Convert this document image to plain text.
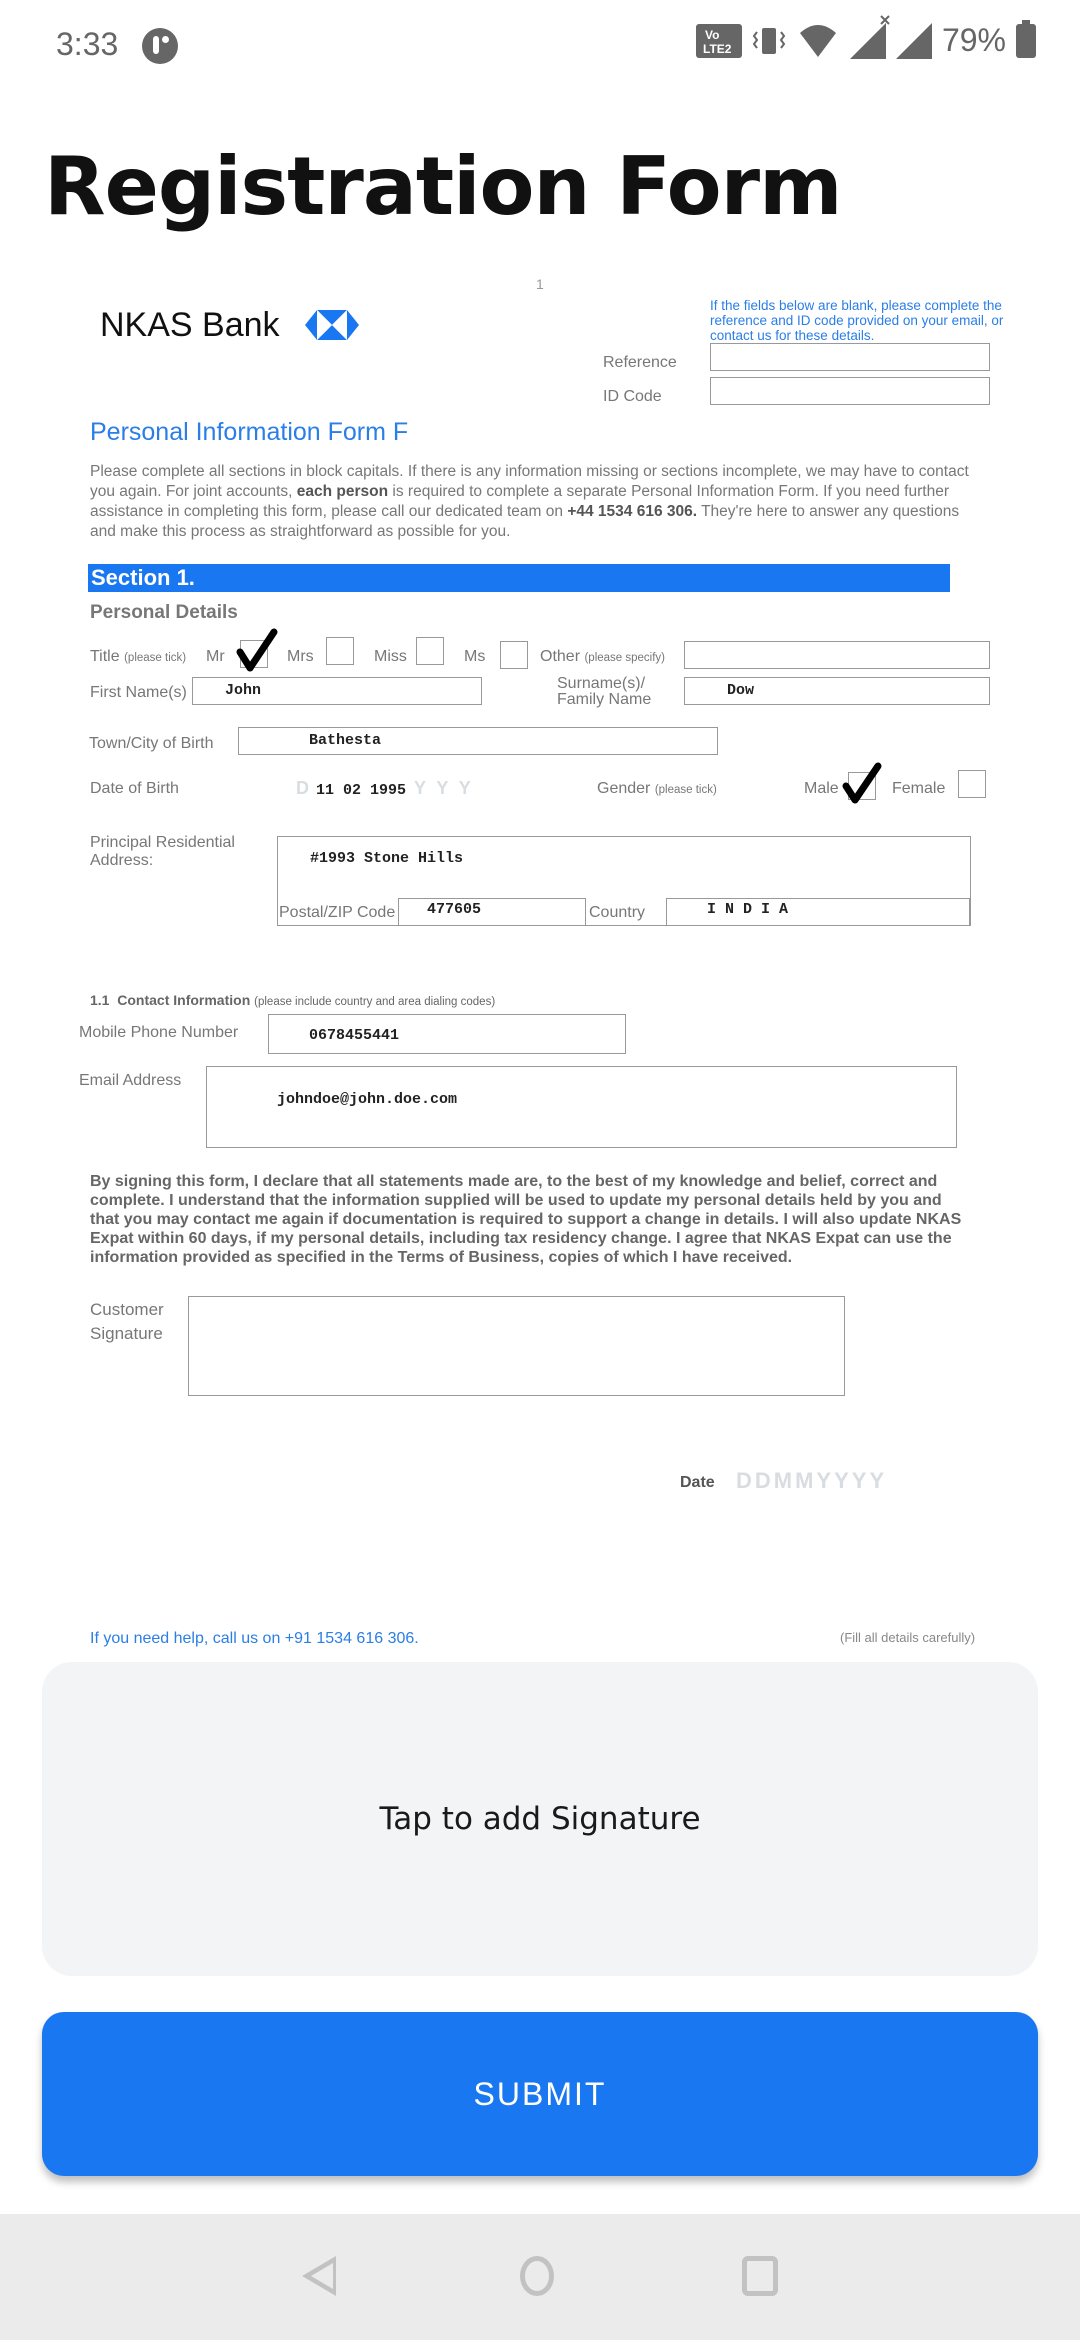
3:33	Vo
LTE2	79%
Registration Form
1
NKAS Bank
If the fields below are blank, please complete the reference and ID code provided on your email, or contact us for these details.
Reference
ID Code
Personal Information Form F
Please complete all sections in block capitals. If there is any information missing or sections incomplete, we may have to contact you again. For joint accounts, each person is required to complete a separate Personal Information Form. If you need further assistance in completing this form, please call our dedicated team on +44 1534 616 306. They're here to answer any questions and make this process as straightforward as possible for you.
Section 1.
Personal Details
Title (please tick) Mr	Mrs	Miss	Ms	Other (please specify)
First Name(s)	John	Surname(s)/
Family Name
Dow
Town/City of Birth	Bathesta
Date of Birth	D 11 02 1995 Y Y Y	Gender (please tick)	Male	Female
Principal Residential
Address:	#1993 Stone Hills
Postal/ZIP Code	477605	Country	I N D I A
1.1 Contact Information (please include country and area dialing codes)
Mobile Phone Number	0678455441
Email Address
johndoe@john.doe.com
By signing this form, I declare that all statements made are, to the best of my knowledge and belief, correct and complete. I understand that the information supplied will be used to update my personal details held by you and that you may contact me again if documentation is required to support a change in details. I will also update NKAS Expat within 60 days, if my personal details, including tax residency change. I agree that NKAS Expat can use the information provided as specified in the Terms of Business, copies of which I have received.
Customer
Signature
Date DDMMYYYY
If you need help, call us on +91 1534 616 306.	(Fill all details carefully)
Tap to add Signature
SUBMIT
